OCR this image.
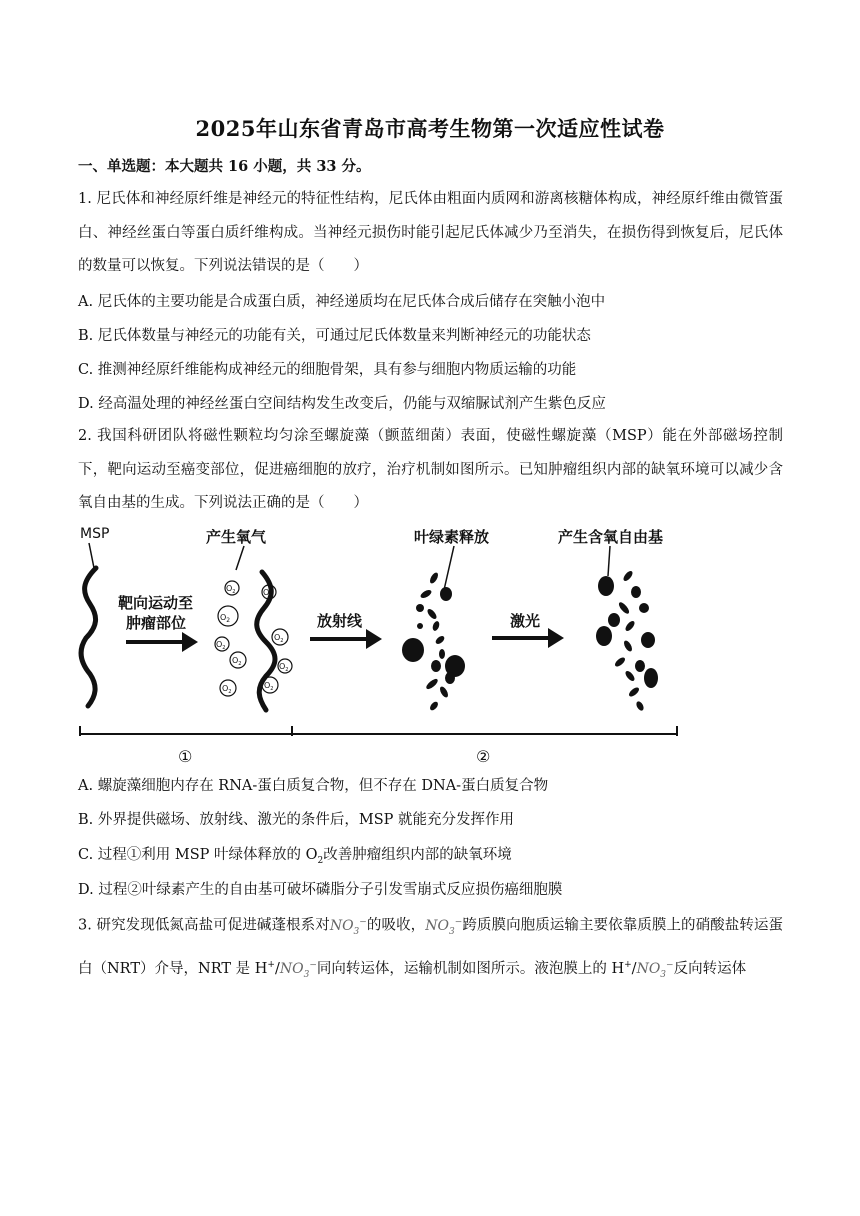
2025年山东省青岛市高考生物第一次适应性试卷
一、单选题：本大题共 16 小题，共 33 分。
1. 尼氏体和神经原纤维是神经元的特征性结构，尼氏体由粗面内质网和游离核糖体构成，神经原纤维由微管蛋白、神经丝蛋白等蛋白质纤维构成。当神经元损伤时能引起尼氏体减少乃至消失，在损伤得到恢复后，尼氏体的数量可以恢复。下列说法错误的是（　　）
A. 尼氏体的主要功能是合成蛋白质，神经递质均在尼氏体合成后储存在突触小泡中
B. 尼氏体数量与神经元的功能有关，可通过尼氏体数量来判断神经元的功能状态
C. 推测神经原纤维能构成神经元的细胞骨架，具有参与细胞内物质运输的功能
D. 经高温处理的神经丝蛋白空间结构发生改变后，仍能与双缩脲试剂产生紫色反应
2. 我国科研团队将磁性颗粒均匀涂至螺旋藻（颤蓝细菌）表面，使磁性螺旋藻（MSP）能在外部磁场控制下，靶向运动至癌变部位，促进癌细胞的放疗，治疗机制如图所示。已知肿瘤组织内部的缺氧环境可以减少含氧自由基的生成。下列说法正确的是（　　）
MSP
靶向运动至
肿瘤部位
产生氧气
$O_2$	$O_2$
$O_2$
$O_2$
$O_2$
$O_2$
$O_2$
$O_2$
$O_2$
放射线
叶绿素释放
激光
产生含氧自由基
①	②
A. 螺旋藻细胞内存在 RNA-蛋白质复合物，但不存在 DNA-蛋白质复合物
B. 外界提供磁场、放射线、激光的条件后，MSP 就能充分发挥作用
C. 过程①利用 MSP 叶绿体释放的 $O_2$改善肿瘤组织内部的缺氧环境
D. 过程②叶绿素产生的自由基可破坏磷脂分子引发雪崩式反应损伤癌细胞膜
3. 研究发现低氮高盐可促进碱蓬根系对$NO_3^-$的吸收，$NO_3^-$跨质膜向胞质运输主要依靠质膜上的硝酸盐转运蛋白（NRT）介导，NRT 是 $H^+/NO_3^-$同向转运体，运输机制如图所示。液泡膜上的 $H^+/NO_3^-$反向转运体
